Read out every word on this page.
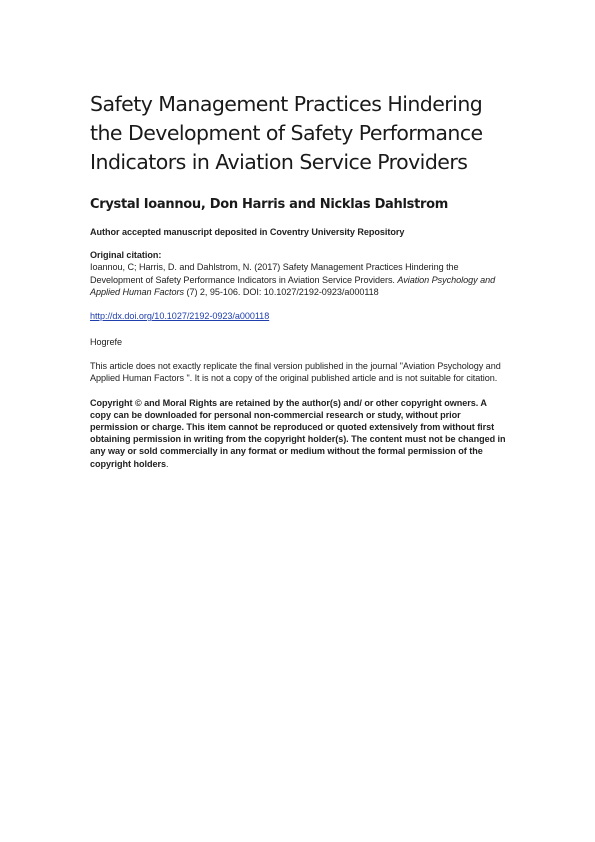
Safety Management Practices Hindering the Development of Safety Performance Indicators in Aviation Service Providers
Crystal Ioannou, Don Harris and Nicklas Dahlstrom
Author accepted manuscript deposited in Coventry University Repository
Original citation:
Ioannou, C; Harris, D. and Dahlstrom, N. (2017) Safety Management Practices Hindering the Development of Safety Performance Indicators in Aviation Service Providers. Aviation Psychology and Applied Human Factors (7) 2, 95-106. DOI: 10.1027/2192-0923/a000118
http://dx.doi.org/10.1027/2192-0923/a000118
Hogrefe
This article does not exactly replicate the final version published in the journal "Aviation Psychology and Applied Human Factors ". It is not a copy of the original published article and is not suitable for citation.
Copyright © and Moral Rights are retained by the author(s) and/ or other copyright owners. A copy can be downloaded for personal non-commercial research or study, without prior permission or charge. This item cannot be reproduced or quoted extensively from without first obtaining permission in writing from the copyright holder(s). The content must not be changed in any way or sold commercially in any format or medium without the formal permission of the copyright holders.
